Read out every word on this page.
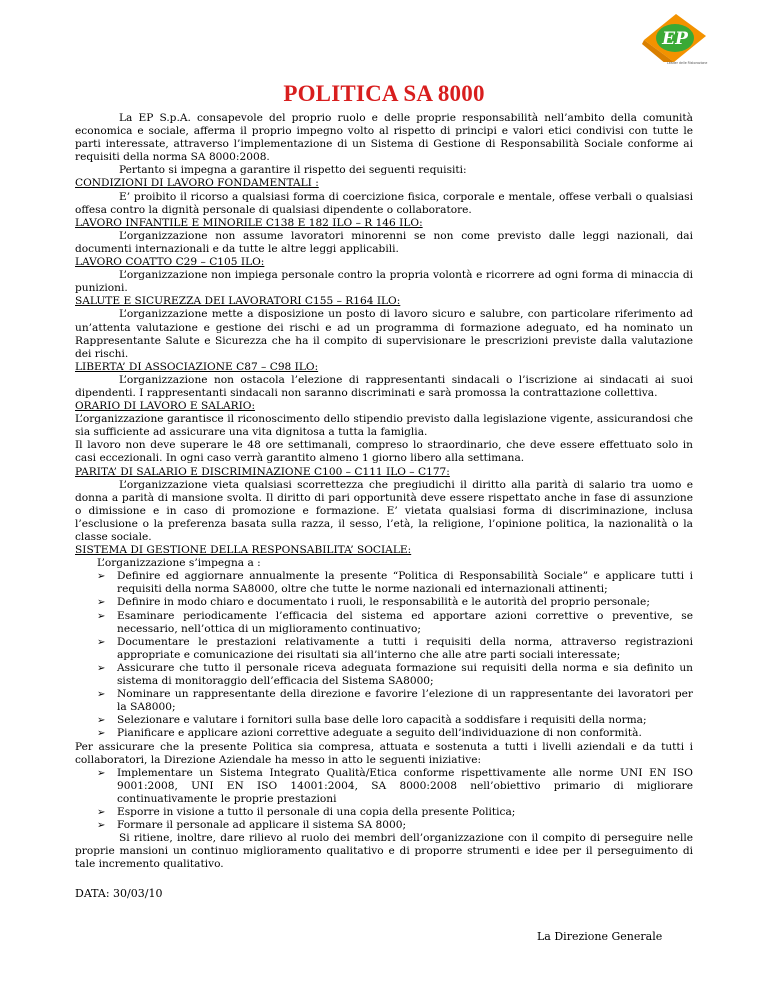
EP
Leader delle Ristorazione
POLITICA SA 8000

La EP S.p.A. consapevole del proprio ruolo e delle proprie responsabilità nell’ambito della comunità economica e sociale, afferma il proprio impegno volto al rispetto di principi e valori etici condivisi con tutte le parti interessate, attraverso l’implementazione di un Sistema di Gestione di Responsabilità Sociale conforme ai requisiti della norma SA 8000:2008.

Pertanto si impegna a garantire il rispetto dei seguenti requisiti:

CONDIZIONI DI LAVORO FONDAMENTALI :

E’ proibito il ricorso a qualsiasi forma di coercizione fisica, corporale e mentale, offese verbali o qualsiasi offesa contro la dignità personale di qualsiasi dipendente o collaboratore.

LAVORO INFANTILE E MINORILE C138 E 182 ILO – R 146 ILO:

L’organizzazione non assume lavoratori minorenni se non come previsto dalle leggi nazionali, dai documenti internazionali e da tutte le altre leggi applicabili.

LAVORO COATTO C29 – C105 ILO:

L’organizzazione non impiega personale contro la propria volontà e ricorrere ad ogni forma di minaccia di punizioni.

SALUTE E SICUREZZA DEI LAVORATORI C155 – R164 ILO:

L’organizzazione mette a disposizione un posto di lavoro sicuro e salubre, con particolare riferimento ad un’attenta valutazione e gestione dei rischi e ad un programma di formazione adeguato, ed ha nominato un Rappresentante Salute e Sicurezza che ha il compito di supervisionare le prescrizioni previste dalla valutazione dei rischi.

LIBERTA’ DI ASSOCIAZIONE C87 – C98 ILO:

L’organizzazione non ostacola l’elezione di rappresentanti sindacali o l’iscrizione ai sindacati ai suoi dipendenti. I rappresentanti sindacali non saranno discriminati e sarà promossa la contrattazione collettiva.

ORARIO DI LAVORO E SALARIO:

L’organizzazione garantisce il riconoscimento dello stipendio previsto dalla legislazione vigente, assicurandosi che sia sufficiente ad assicurare una vita dignitosa a tutta la famiglia.

Il lavoro non deve superare le 48 ore settimanali, compreso lo straordinario, che deve essere effettuato solo in casi eccezionali. In ogni caso verrà garantito almeno 1 giorno libero alla settimana.

PARITA’ DI SALARIO E DISCRIMINAZIONE C100 – C111 ILO – C177:

L’organizzazione vieta qualsiasi scorrettezza che pregiudichi il diritto alla parità di salario tra uomo e donna a parità di mansione svolta. Il diritto di pari opportunità deve essere rispettato anche in fase di assunzione o dimissione e in caso di promozione e formazione. E’ vietata qualsiasi forma di discriminazione, inclusa l’esclusione o la preferenza basata sulla razza, il sesso, l’età, la religione, l’opinione politica, la nazionalità o la classe sociale.

SISTEMA DI GESTIONE DELLA RESPONSABILITA’ SOCIALE:

L’organizzazione s’impegna a :

➢ Definire ed aggiornare annualmente la presente “Politica di Responsabilità Sociale” e applicare tutti i requisiti della norma SA8000, oltre che tutte le norme nazionali ed internazionali attinenti;
➢ Definire in modo chiaro e documentato i ruoli, le responsabilità e le autorità del proprio personale;
➢ Esaminare periodicamente l’efficacia del sistema ed apportare azioni correttive o preventive, se necessario, nell’ottica di un miglioramento continuativo;
➢ Documentare le prestazioni relativamente a tutti i requisiti della norma, attraverso registrazioni appropriate e comunicazione dei risultati sia all’interno che alle atre parti sociali interessate;
➢ Assicurare che tutto il personale riceva adeguata formazione sui requisiti della norma e sia definito un sistema di monitoraggio dell’efficacia del Sistema SA8000;
➢ Nominare un rappresentante della direzione e favorire l’elezione di un rappresentante dei lavoratori per la SA8000;
➢ Selezionare e valutare i fornitori sulla base delle loro capacità a soddisfare i requisiti della norma;
➢ Pianificare e applicare azioni correttive adeguate a seguito dell’individuazione di non conformità.

Per assicurare che la presente Politica sia compresa, attuata e sostenuta a tutti i livelli aziendali e da tutti i collaboratori, la Direzione Aziendale ha messo in atto le seguenti iniziative:

➢ Implementare un Sistema Integrato Qualità/Etica conforme rispettivamente alle norme UNI EN ISO 9001:2008, UNI EN ISO 14001:2004, SA 8000:2008 nell’obiettivo primario di migliorare continuativamente le proprie prestazioni
➢ Esporre in visione a tutto il personale di una copia della presente Politica;
➢ Formare il personale ad applicare il sistema SA 8000;

Si ritiene, inoltre, dare rilievo al ruolo dei membri dell’organizzazione con il compito di perseguire nelle proprie mansioni un continuo miglioramento qualitativo e di proporre strumenti e idee per il perseguimento di tale incremento qualitativo.

DATA: 30/03/10
La Direzione Generale
